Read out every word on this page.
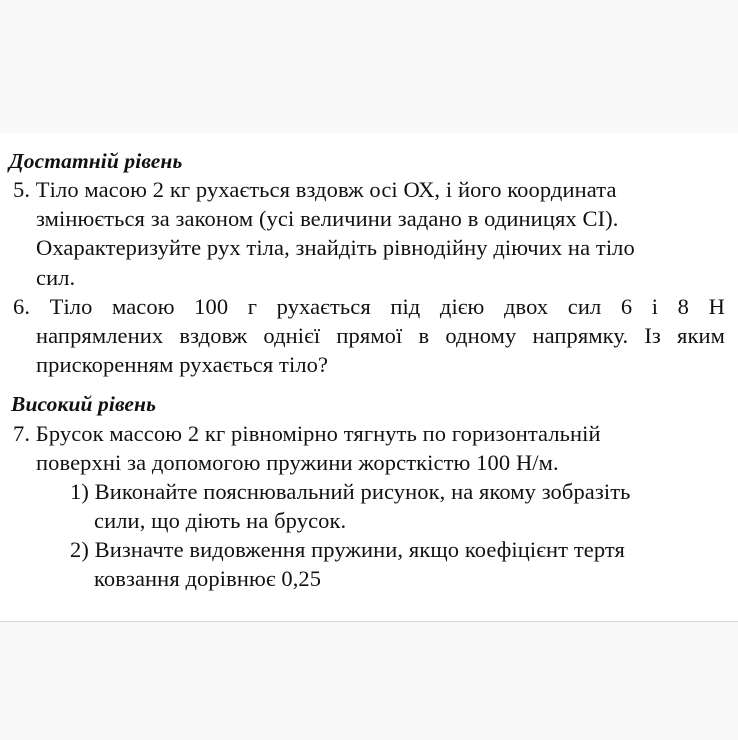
Достатній рівень
5. Тіло масою 2 кг рухається вздовж осі ОХ, і його координата
змінюється за законом (усі величини задано в одиницях СІ).
Охарактеризуйте рух тіла, знайдіть рівнодійну діючих на тіло
сил.
6. Тіло масою 100 г рухається під дією двох сил 6 і 8 Н
напрямлених вздовж однієї прямої в одному напрямку. Із яким
прискоренням рухається тіло?
Високий рівень
7. Брусок массою 2 кг рівномірно тягнуть по горизонтальній
поверхні за допомогою пружини жорсткістю 100 Н/м.
1) Виконайте пояснювальний рисунок, на якому зобразіть
сили, що діють на брусок.
2) Визначте видовження пружини, якщо коефіцієнт тертя
ковзання дорівнює 0,25
